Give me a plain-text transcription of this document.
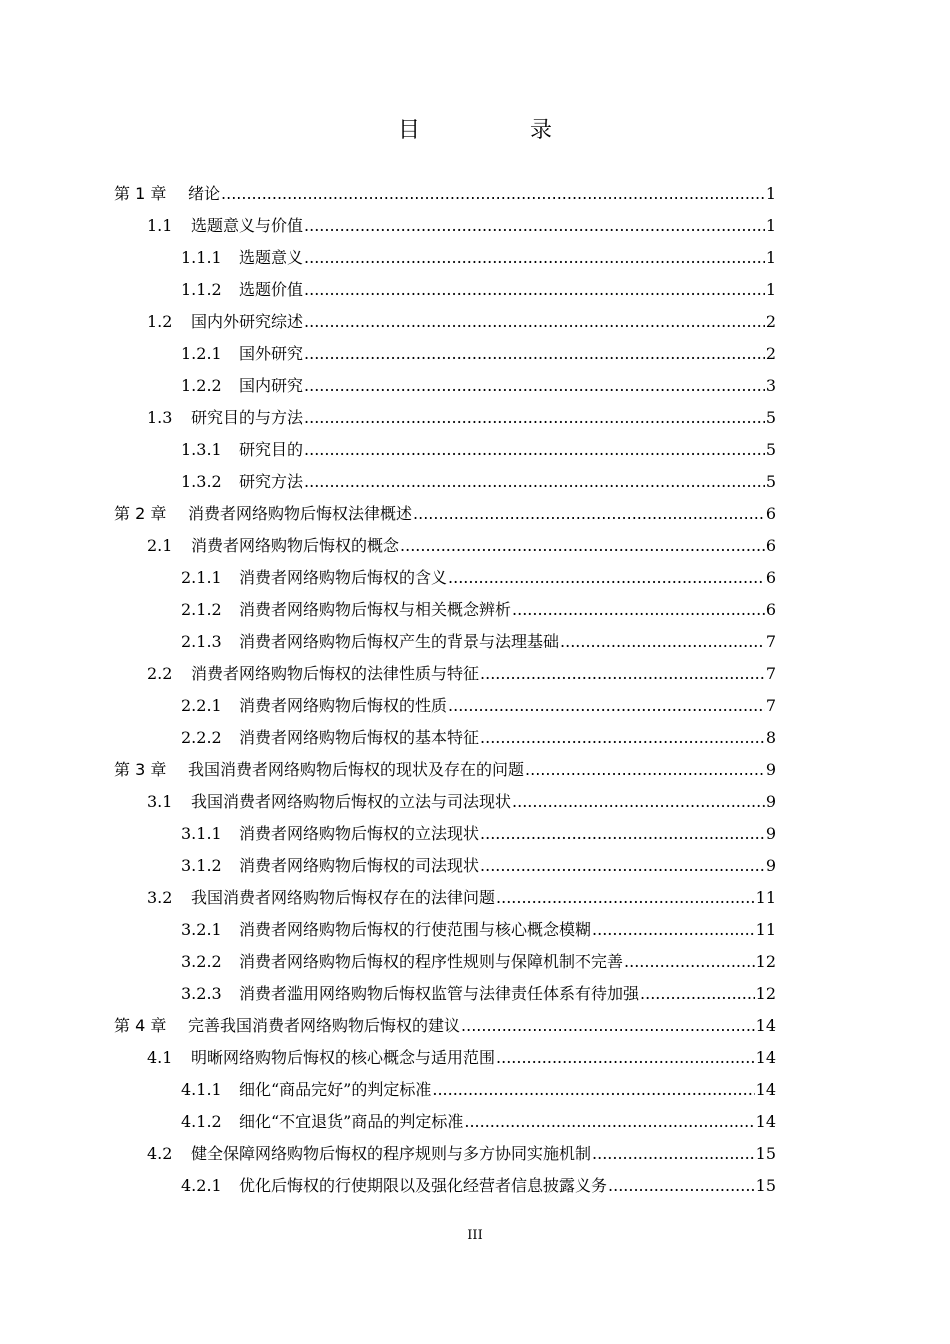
目　录
第 1 章	绪论 .....	1
1.1	选题意义与价值 .....	1
1.1.1	选题意义 .....	1
1.1.2	选题价值 .....	1
1.2	国内外研究综述 .....	2
1.2.1	国外研究 .....	2
1.2.2	国内研究 .....	3
1.3	研究目的与方法 .....	5
1.3.1	研究目的 .....	5
1.3.2	研究方法 .....	5
第 2 章	消费者网络购物后悔权法律概述 .....	6
2.1	消费者网络购物后悔权的概念 .....	6
2.1.1	消费者网络购物后悔权的含义 .....	6
2.1.2	消费者网络购物后悔权与相关概念辨析 .....	6
2.1.3	消费者网络购物后悔权产生的背景与法理基础 .....	7
2.2	消费者网络购物后悔权的法律性质与特征 .....	7
2.2.1	消费者网络购物后悔权的性质 .....	7
2.2.2	消费者网络购物后悔权的基本特征 .....	8
第 3 章	我国消费者网络购物后悔权的现状及存在的问题 .....	9
3.1	我国消费者网络购物后悔权的立法与司法现状 .....	9
3.1.1	消费者网络购物后悔权的立法现状 .....	9
3.1.2	消费者网络购物后悔权的司法现状 .....	9
3.2	我国消费者网络购物后悔权存在的法律问题 .....	11
3.2.1	消费者网络购物后悔权的行使范围与核心概念模糊 .....	11
3.2.2	消费者网络购物后悔权的程序性规则与保障机制不完善 .....	12
3.2.3	消费者滥用网络购物后悔权监管与法律责任体系有待加强 .....	12
第 4 章	完善我国消费者网络购物后悔权的建议 .....	14
4.1	明晰网络购物后悔权的核心概念与适用范围 .....	14
4.1.1	细化“商品完好”的判定标准 .....	14
4.1.2	细化“不宜退货”商品的判定标准 .....	14
4.2	健全保障网络购物后悔权的程序规则与多方协同实施机制 .....	15
4.2.1	优化后悔权的行使期限以及强化经营者信息披露义务 .....	15
III
